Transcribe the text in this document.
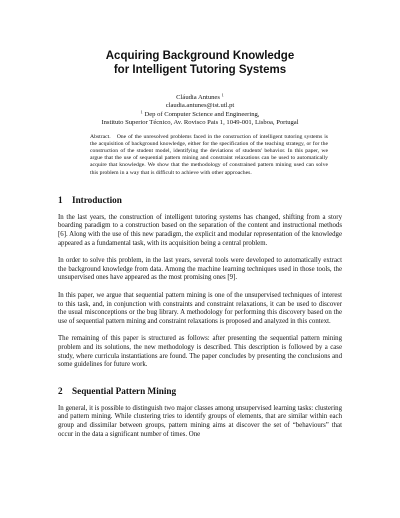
Acquiring Background Knowledge
for Intelligent Tutoring Systems
Cláudia Antunes $^1$
claudia.antunes@ist.utl.pt
$^1$ Dep of Computer Science and Engineering,
Instituto Superior Técnico, Av. Rovisco Pais 1, 1049-001, Lisboa, Portugal
Abstract. One of the unresolved problems faced in the construction of intelligent tutoring systems is the acquisition of background knowledge, either for the specification of the teaching strategy, or for the construction of the student model, identifying the deviations of students' behavior. In this paper, we argue that the use of sequential pattern mining and constraint relaxations can be used to automatically acquire that knowledge. We show that the methodology of constrained pattern mining used can solve this problem in a way that is difficult to achieve with other approaches.
1 Introduction

In the last years, the construction of intelligent tutoring systems has changed, shifting from a story boarding paradigm to a construction based on the separation of the content and instructional methods [6]. Along with the use of this new paradigm, the explicit and modular representation of the knowledge appeared as a fundamental task, with its acquisition being a central problem.

In order to solve this problem, in the last years, several tools were developed to automatically extract the background knowledge from data. Among the machine learning techniques used in those tools, the unsupervised ones have appeared as the most promising ones [9].

In this paper, we argue that sequential pattern mining is one of the unsupervised techniques of interest to this task, and, in conjunction with constraints and constraint relaxations, it can be used to discover the usual misconceptions or the bug library. A methodology for performing this discovery based on the use of sequential pattern mining and constraint relaxations is proposed and analyzed in this context.

The remaining of this paper is structured as follows: after presenting the sequential pattern mining problem and its solutions, the new methodology is described. This description is followed by a case study, where curricula instantiations are found. The paper concludes by presenting the conclusions and some guidelines for future work.

2 Sequential Pattern Mining

In general, it is possible to distinguish two major classes among unsupervised learning tasks: clustering and pattern mining. While clustering tries to identify groups of elements, that are similar within each group and dissimilar between groups, pattern mining aims at discover the set of “behaviours” that occur in the data a significant number of times. One
